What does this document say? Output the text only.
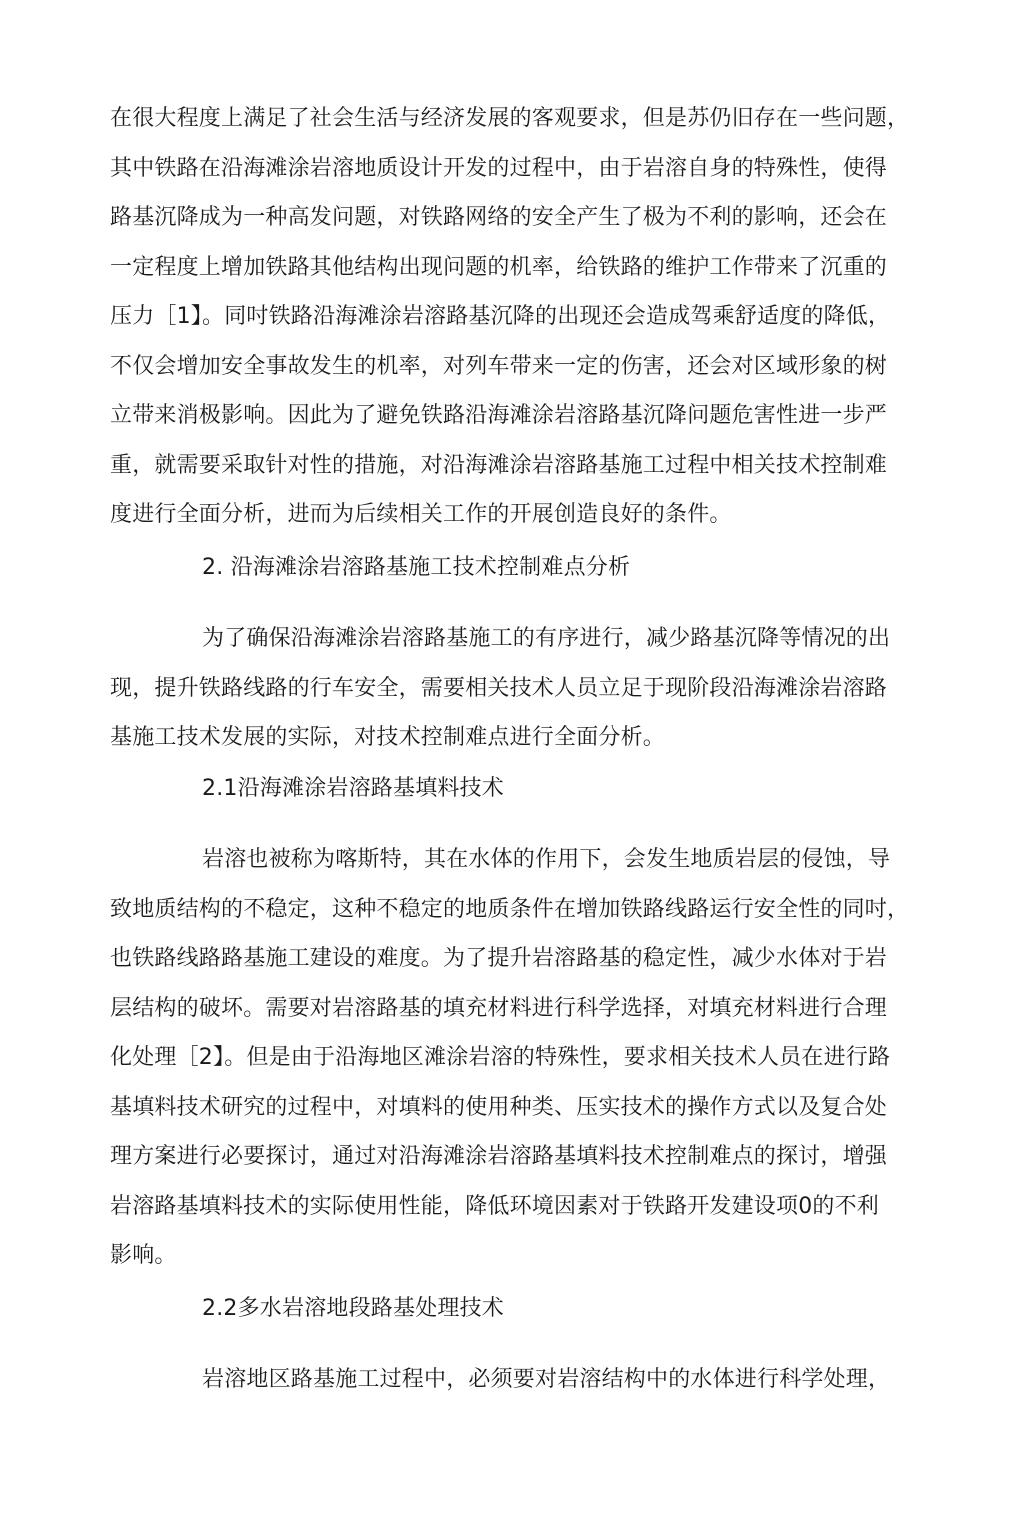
在很大程度上满足了社会生活与经济发展的客观要求，但是苏仍旧存在一些问题，
其中铁路在沿海滩涂岩溶地质设计开发的过程中，由于岩溶自身的特殊性，使得
路基沉降成为一种高发问题，对铁路网络的安全产生了极为不利的影响，还会在
一定程度上增加铁路其他结构出现问题的机率，给铁路的维护工作带来了沉重的
压力［1】。同吋铁路沿海滩涂岩溶路基沉降的出现还会造成驾乘舒适度的降低，
不仅会增加安全事故发生的机率，对列车带来一定的伤害，还会对区域形象的树
立带来消极影响。因此为了避免铁路沿海滩涂岩溶路基沉降问题危害性进一步严
重，就需要采取针对性的措施，对沿海滩涂岩溶路基施工过程中相关技术控制难
度进行全面分析，进而为后续相关工作的开展创造良好的条件。
2. 沿海滩涂岩溶路基施工技术控制难点分析
为了确保沿海滩涂岩溶路基施工的有序进行，减少路基沉降等情况的出
现，提升铁路线路的行车安全，需要相关技术人员立足于现阶段沿海滩涂岩溶路
基施工技术发展的实际，对技术控制难点进行全面分析。
2.1沿海滩涂岩溶路基填料技术
岩溶也被称为喀斯特，其在水体的作用下，会发生地质岩层的侵蚀，导
致地质结构的不稳定，这种不稳定的地质条件在增加铁路线路运行安全性的同吋，
也铁路线路路基施工建设的难度。为了提升岩溶路基的稳定性，减少水体对于岩
层结构的破坏。需要对岩溶路基的填充材料进行科学选择，对填充材料进行合理
化处理［2】。但是由于沿海地区滩涂岩溶的特殊性，要求相关技术人员在进行路
基填料技术研究的过程中，对填料的使用种类、压实技术的操作方式以及复合处
理方案进行必要探讨，通过对沿海滩涂岩溶路基填料技术控制难点的探讨，增强
岩溶路基填料技术的实际使用性能，降低环境因素对于铁路开发建设项0的不利
影响。
2.2多水岩溶地段路基处理技术
岩溶地区路基施工过程中，必须要对岩溶结构中的水体进行科学处理，
